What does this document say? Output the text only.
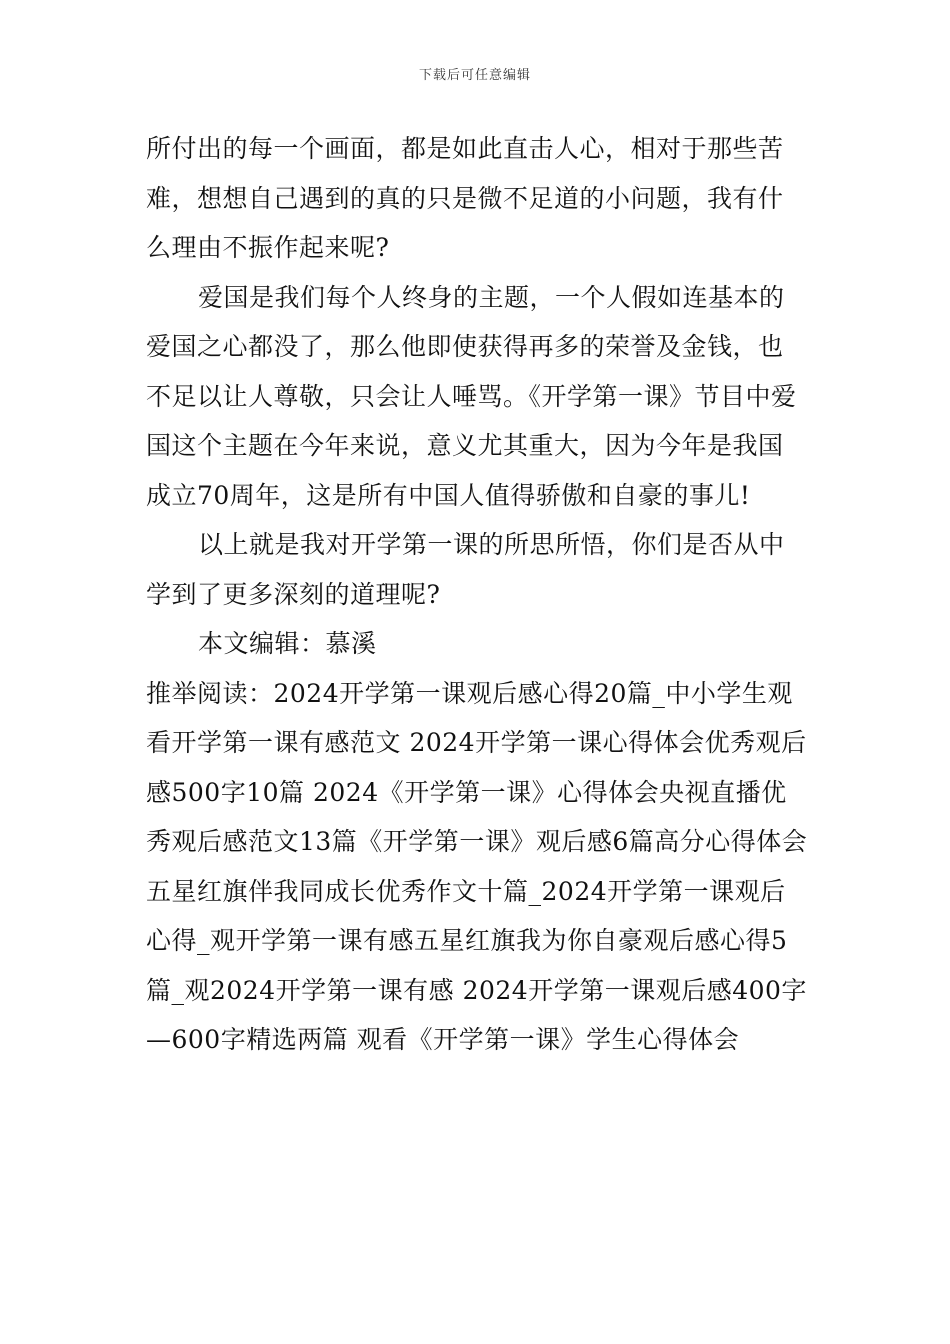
下载后可任意编辑

所付出的每一个画面，都是如此直击人心，相对于那些苦难，想想自己遇到的真的只是微不足道的小问题，我有什么理由不振作起来呢?

爱国是我们每个人终身的主题，一个人假如连基本的爱国之心都没了，那么他即使获得再多的荣誉及金钱，也不足以让人尊敬，只会让人唾骂。《开学第一课》节目中爱国这个主题在今年来说，意义尤其重大，因为今年是我国成立70周年，这是所有中国人值得骄傲和自豪的事儿!

以上就是我对开学第一课的所思所悟，你们是否从中学到了更多深刻的道理呢?

本文编辑：慕溪

推举阅读：2024开学第一课观后感心得20篇_中小学生观看开学第一课有感范文 2024开学第一课心得体会优秀观后感500字10篇 2024《开学第一课》心得体会央视直播优秀观后感范文13篇《开学第一课》观后感6篇高分心得体会五星红旗伴我同成长优秀作文十篇_2024开学第一课观后心得_观开学第一课有感五星红旗我为你自豪观后感心得5篇_观2024开学第一课有感 2024开学第一课观后感400字—600字精选两篇 观看《开学第一课》学生心得体会
